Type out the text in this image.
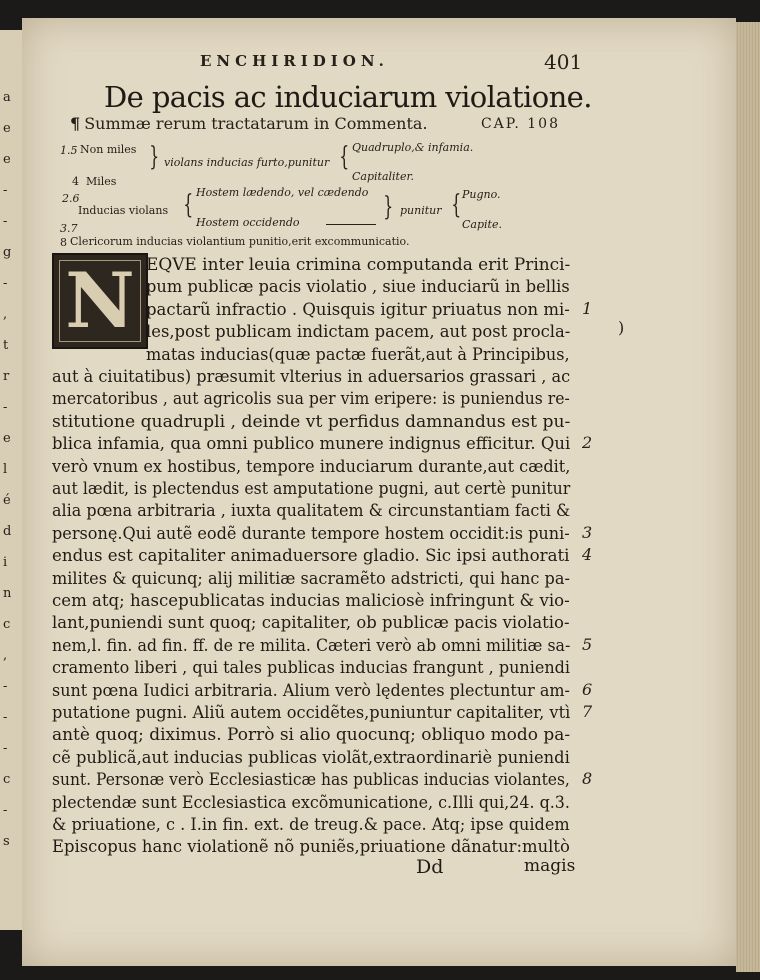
a
e
e
-
-
g
-
,
t
r
-
e
l
é
d
i
n
c
,
-
-
-
c
-
s
ENCHIRIDION.	401
De pacis ac induciarum violatione.
¶ Summæ rerum tractatarum in Commenta.	CAP. 108
1.5 Non miles } violans inducias furto,punitur { Quadruplo,& infamia.
Capitaliter.
4 Miles
2.6
Inducias violans { Hostem lædendo, vel cædendo
Hostem occidendo
} punitur { Pugno.
Capite.
3.7
8 Clericorum inducias violantium punitio,erit excommunicatio.
N EQVE inter leuia crimina computanda erit Princi-
pum publicæ pacis violatio , siue induciarũ in bellis
pactarũ infractio . Quisquis igitur priuatus non mi-
les,post publicam indictam pacem, aut post procla-
matas inducias(quæ pactæ fuerãt,aut à Principibus,
aut à ciuitatibus) præsumit vlterius in aduersarios grassari , ac
mercatoribus , aut agricolis sua per vim eripere: is puniendus re-
stitutione quadrupli , deinde vt perfidus damnandus est pu-
blica infamia, qua omni publico munere indignus efficitur. Qui
verò vnum ex hostibus, tempore induciarum durante,aut cædit,
aut lædit, is plectendus est amputatione pugni, aut certè punitur
alia pœna arbitraria , iuxta qualitatem & circunstantiam facti &
personę.Qui autẽ eodẽ durante tempore hostem occidit:is puni-
endus est capitaliter animaduersore gladio. Sic ipsi authorati
milites & quicunq; alij militiæ sacramẽto adstricti, qui hanc pa-
cem atq; hascepublicatas inducias maliciosè infringunt & vio-
lant,puniendi sunt quoq; capitaliter, ob publicæ pacis violatio-
nem,l. fin. ad fin. ff. de re milita. Cæteri verò ab omni militiæ sa-
cramento liberi , qui tales publicas inducias frangunt , puniendi
sunt pœna Iudici arbitraria. Alium verò lędentes plectuntur am-
putatione pugni. Aliũ autem occidẽtes,puniuntur capitaliter, vtì
antè quoq; diximus. Porrò si alio quocunq; obliquo modo pa-
cẽ publicã,aut inducias publicas violãt,extraordinariè puniendi
sunt. Personæ verò Ecclesiasticæ has publicas inducias violantes,
plectendæ sunt Ecclesiastica excõmunicatione, c.Illi qui,24. q.3.
& priuatione, c . I.in fin. ext. de treug.& pace. Atq; ipse quidem
Episcopus hanc violationẽ nõ puniẽs,priuatione dãnatur:multò
1
2
3
4
5
6
7
8
)
Dd	magis
